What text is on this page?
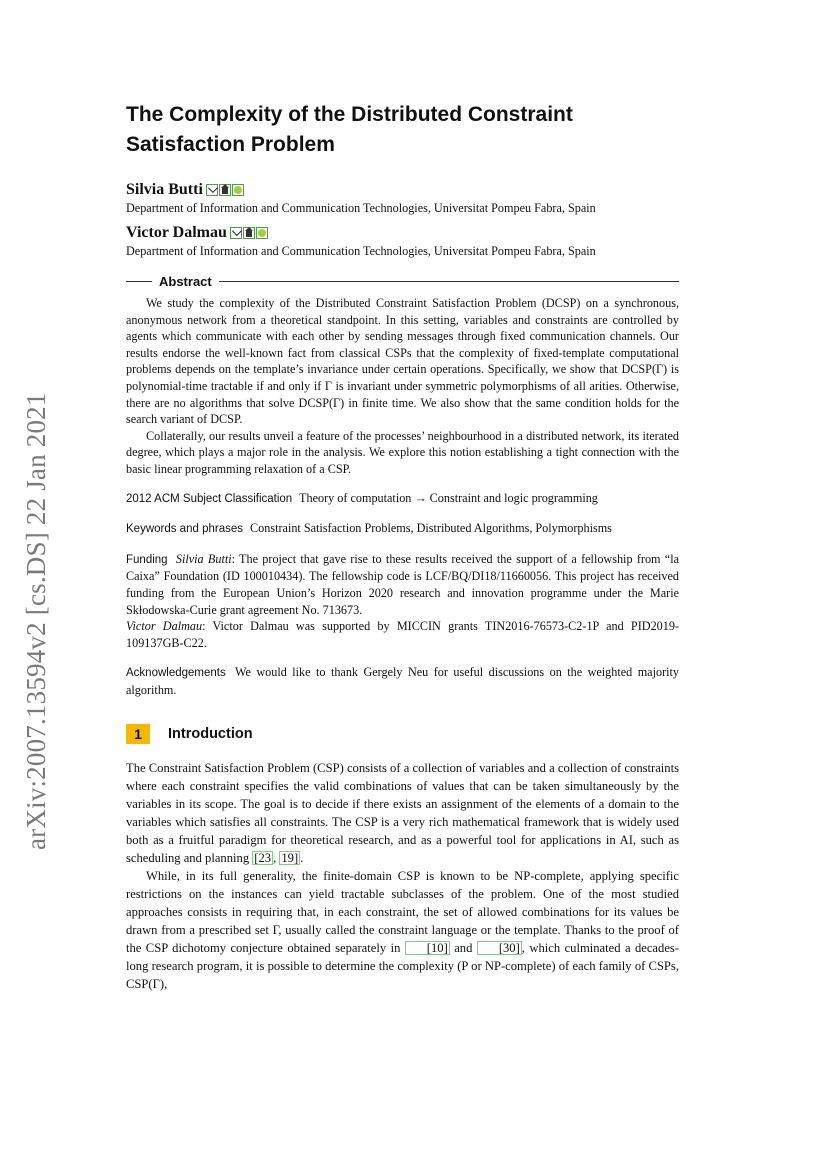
arXiv:2007.13594v2 [cs.DS] 22 Jan 2021
The Complexity of the Distributed Constraint
Satisfaction Problem
Silvia Butti
Department of Information and Communication Technologies, Universitat Pompeu Fabra, Spain
Victor Dalmau
Department of Information and Communication Technologies, Universitat Pompeu Fabra, Spain
Abstract

We study the complexity of the Distributed Constraint Satisfaction Problem (DCSP) on a synchronous, anonymous network from a theoretical standpoint. In this setting, variables and constraints are controlled by agents which communicate with each other by sending messages through fixed communication channels. Our results endorse the well-known fact from classical CSPs that the complexity of fixed-template computational problems depends on the template’s invariance under certain operations. Specifically, we show that DCSP(Γ) is polynomial-time tractable if and only if Γ is invariant under symmetric polymorphisms of all arities. Otherwise, there are no algorithms that solve DCSP(Γ) in finite time. We also show that the same condition holds for the search variant of DCSP.

Collaterally, our results unveil a feature of the processes’ neighbourhood in a distributed network, its iterated degree, which plays a major role in the analysis. We explore this notion establishing a tight connection with the basic linear programming relaxation of a CSP.

2012 ACM Subject Classification Theory of computation → Constraint and logic programming

Keywords and phrases Constraint Satisfaction Problems, Distributed Algorithms, Polymorphisms

Funding Silvia Butti: The project that gave rise to these results received the support of a fellowship from “la Caixa” Foundation (ID 100010434). The fellowship code is LCF/BQ/DI18/11660056. This project has received funding from the European Union’s Horizon 2020 research and innovation programme under the Marie Skłodowska-Curie grant agreement No. 713673.
Victor Dalmau: Victor Dalmau was supported by MICCIN grants TIN2016-76573-C2-1P and PID2019-109137GB-C22.

Acknowledgements We would like to thank Gergely Neu for useful discussions on the weighted majority algorithm.

1	Introduction

The Constraint Satisfaction Problem (CSP) consists of a collection of variables and a collection of constraints where each constraint specifies the valid combinations of values that can be taken simultaneously by the variables in its scope. The goal is to decide if there exists an assignment of the elements of a domain to the variables which satisfies all constraints. The CSP is a very rich mathematical framework that is widely used both as a fruitful paradigm for theoretical research, and as a powerful tool for applications in AI, such as scheduling and planning [23 , 19] .

While, in its full generality, the finite-domain CSP is known to be NP-complete, applying specific restrictions on the instances can yield tractable subclasses of the problem. One of the most studied approaches consists in requiring that, in each constraint, the set of allowed combinations for its values be drawn from a prescribed set Γ, usually called the constraint language or the template. Thanks to the proof of the CSP dichotomy conjecture obtained separately in [10] and [30] , which culminated a decades-long research program, it is possible to determine the complexity (P or NP-complete) of each family of CSPs, CSP(Γ),
